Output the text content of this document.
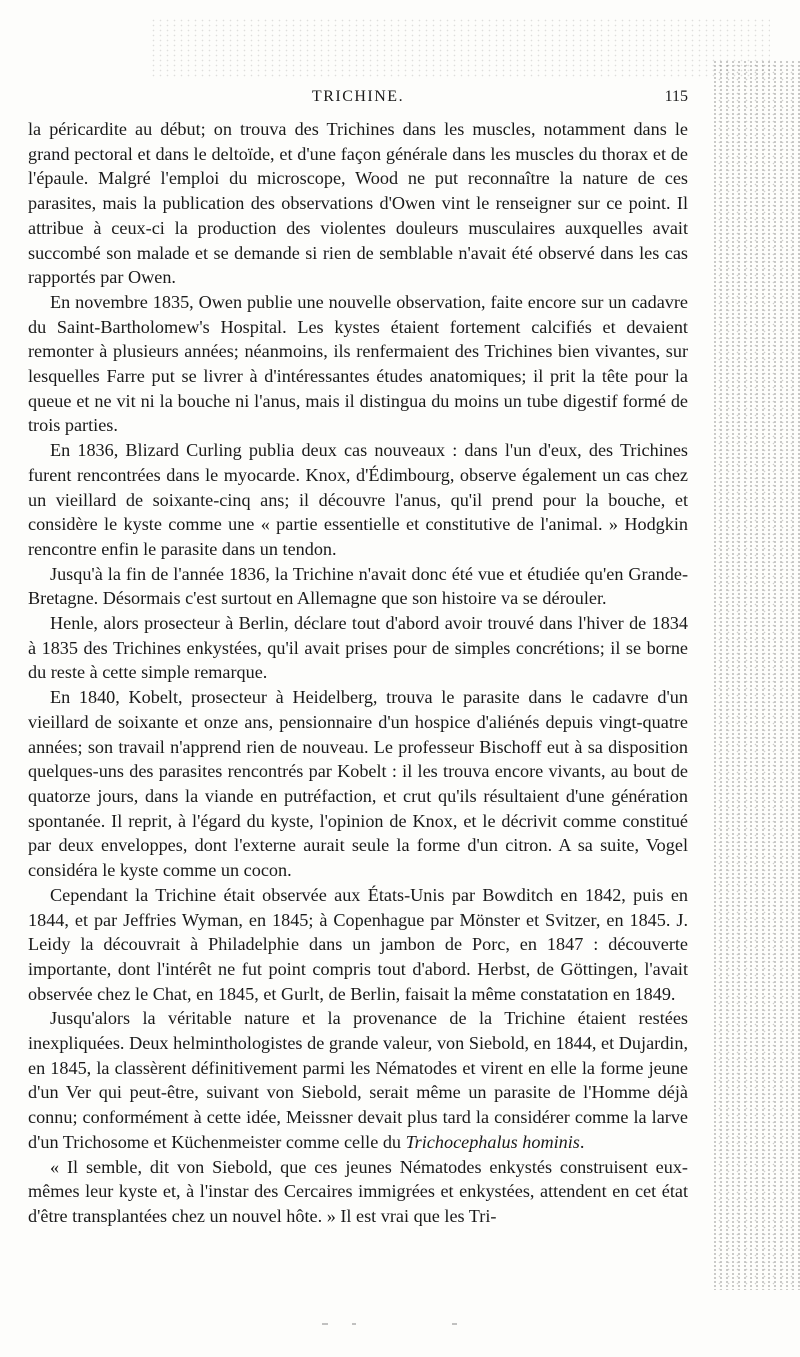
TRICHINE.	115

la péricardite au début; on trouva des Trichines dans les muscles, notamment dans le grand pectoral et dans le deltoïde, et d'une façon générale dans les muscles du thorax et de l'épaule. Malgré l'emploi du microscope, Wood ne put reconnaître la nature de ces parasites, mais la publication des observations d'Owen vint le renseigner sur ce point. Il attribue à ceux-ci la production des violentes douleurs musculaires auxquelles avait succombé son malade et se demande si rien de semblable n'avait été observé dans les cas rapportés par Owen.

En novembre 1835, Owen publie une nouvelle observation, faite encore sur un cadavre du Saint-Bartholomew's Hospital. Les kystes étaient fortement calcifiés et devaient remonter à plusieurs années; néanmoins, ils renfermaient des Trichines bien vivantes, sur lesquelles Farre put se livrer à d'intéressantes études anatomiques; il prit la tête pour la queue et ne vit ni la bouche ni l'anus, mais il distingua du moins un tube digestif formé de trois parties.

En 1836, Blizard Curling publia deux cas nouveaux : dans l'un d'eux, des Trichines furent rencontrées dans le myocarde. Knox, d'Édimbourg, observe également un cas chez un vieillard de soixante-cinq ans; il découvre l'anus, qu'il prend pour la bouche, et considère le kyste comme une « partie essentielle et constitutive de l'animal. » Hodgkin rencontre enfin le parasite dans un tendon.

Jusqu'à la fin de l'année 1836, la Trichine n'avait donc été vue et étudiée qu'en Grande-Bretagne. Désormais c'est surtout en Allemagne que son histoire va se dérouler.

Henle, alors prosecteur à Berlin, déclare tout d'abord avoir trouvé dans l'hiver de 1834 à 1835 des Trichines enkystées, qu'il avait prises pour de simples concrétions; il se borne du reste à cette simple remarque.

En 1840, Kobelt, prosecteur à Heidelberg, trouva le parasite dans le cadavre d'un vieillard de soixante et onze ans, pensionnaire d'un hospice d'aliénés depuis vingt-quatre années; son travail n'apprend rien de nouveau. Le professeur Bischoff eut à sa disposition quelques-uns des parasites rencontrés par Kobelt : il les trouva encore vivants, au bout de quatorze jours, dans la viande en putréfaction, et crut qu'ils résultaient d'une génération spontanée. Il reprit, à l'égard du kyste, l'opinion de Knox, et le décrivit comme constitué par deux enveloppes, dont l'externe aurait seule la forme d'un citron. A sa suite, Vogel considéra le kyste comme un cocon.

Cependant la Trichine était observée aux États-Unis par Bowditch en 1842, puis en 1844, et par Jeffries Wyman, en 1845; à Copenhague par Mönster et Svitzer, en 1845. J. Leidy la découvrait à Philadelphie dans un jambon de Porc, en 1847 : découverte importante, dont l'intérêt ne fut point compris tout d'abord. Herbst, de Göttingen, l'avait observée chez le Chat, en 1845, et Gurlt, de Berlin, faisait la même constatation en 1849.

Jusqu'alors la véritable nature et la provenance de la Trichine étaient restées inexpliquées. Deux helminthologistes de grande valeur, von Siebold, en 1844, et Dujardin, en 1845, la classèrent définitivement parmi les Nématodes et virent en elle la forme jeune d'un Ver qui peut-être, suivant von Siebold, serait même un parasite de l'Homme déjà connu; conformément à cette idée, Meissner devait plus tard la considérer comme la larve d'un Trichosome et Küchenmeister comme celle du Trichocephalus hominis.

« Il semble, dit von Siebold, que ces jeunes Nématodes enkystés construisent eux-mêmes leur kyste et, à l'instar des Cercaires immigrées et enkystées, attendent en cet état d'être transplantées chez un nouvel hôte. » Il est vrai que les Tri-
